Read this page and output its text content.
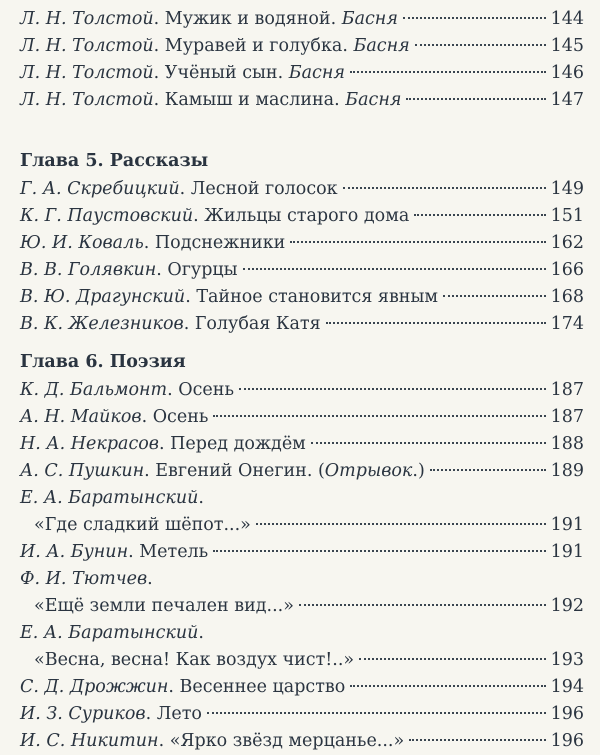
Л. Н. Толстой. Мужик и водяной. Басня	144
Л. Н. Толстой. Муравей и голубка. Басня	145
Л. Н. Толстой. Учёный сын. Басня	146
Л. Н. Толстой. Камыш и маслина. Басня	147
Глава 5. Рассказы
Г. А. Скребицкий. Лесной голосок	149
К. Г. Паустовский. Жильцы старого дома	151
Ю. И. Коваль. Подснежники	162
В. В. Голявкин. Огурцы	166
В. Ю. Драгунский. Тайное становится явным	168
В. К. Железников. Голубая Катя	174
Глава 6. Поэзия
К. Д. Бальмонт. Осень	187
А. Н. Майков. Осень	187
Н. А. Некрасов. Перед дождём	188
А. С. Пушкин. Евгений Онегин. (Отрывок.)	189
Е. А. Баратынский.
«Где сладкий шёпот...»	191
И. А. Бунин. Метель	191
Ф. И. Тютчев.
«Ещё земли печален вид...»	192
Е. А. Баратынский.
«Весна, весна! Как воздух чист!..»	193
С. Д. Дрожжин. Весеннее царство	194
И. З. Суриков. Лето	196
И. С. Никитин. «Ярко звёзд мерцанье...»	196
